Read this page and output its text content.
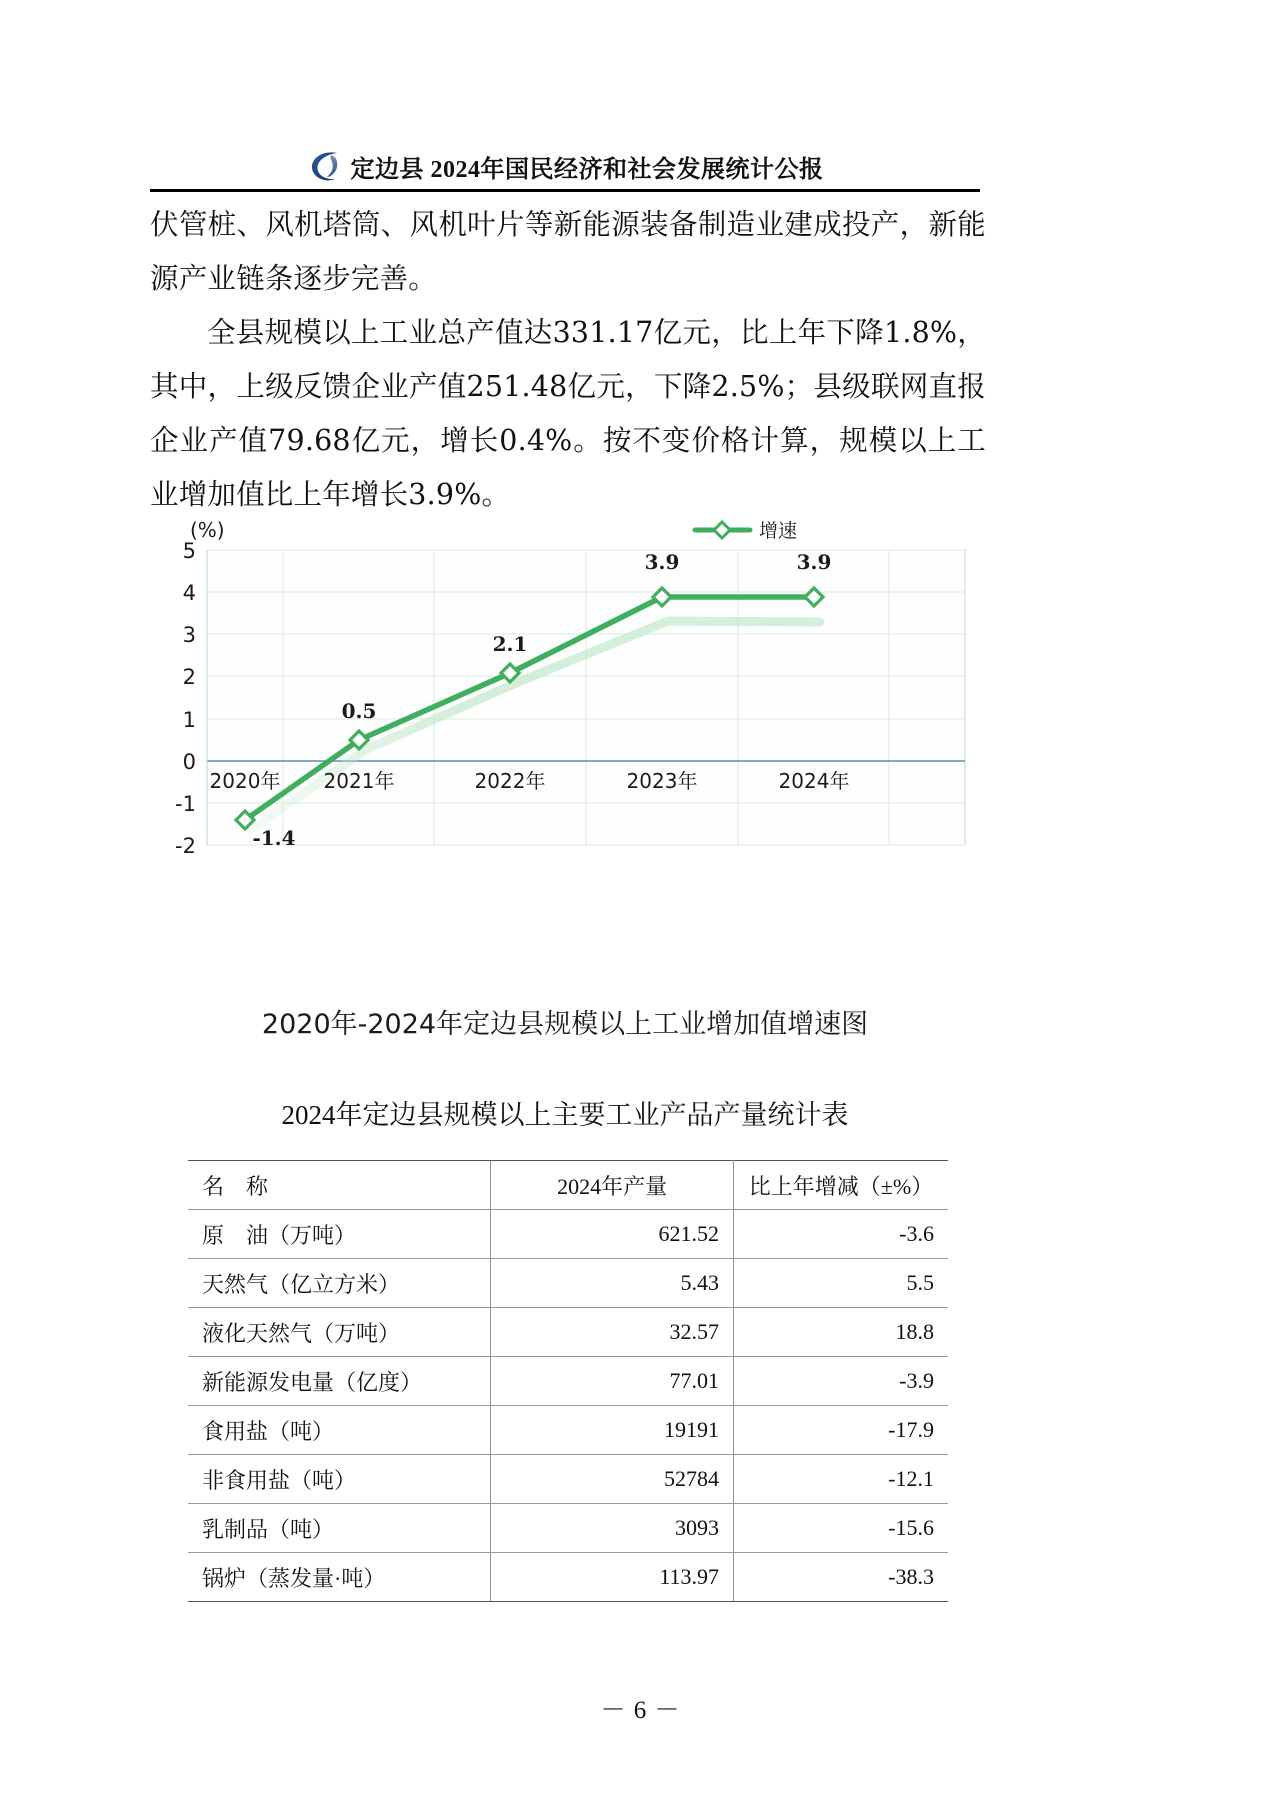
定边县 2024年国民经济和社会发展统计公报

伏管桩、风机塔筒、风机叶片等新能源装备制造业建成投产，新能源产业链条逐步完善。

全县规模以上工业总产值达331.17亿元，比上年下降1.8%，其中，上级反馈企业产值251.48亿元，下降2.5%；县级联网直报企业产值79.68亿元，增长0.4%。按不变价格计算，规模以上工业增加值比上年增长3.9%。

(%)
5
4
3
2
1
0
-1
-2
2020年 2021年	2022年	2023年	2024年
-1.4
0.5
2.1
3.9	3.9
增速
2020年-2024年定边县规模以上工业增加值增速图
2024年定边县规模以上主要工业产品产量统计表
名　称	2024年产量	比上年增减（±%）
原　油（万吨）	621.52	-3.6
天然气（亿立方米）	5.43	5.5
液化天然气（万吨）	32.57	18.8
新能源发电量（亿度）	77.01	-3.9
食用盐（吨）	19191	-17.9
非食用盐（吨）	52784	-12.1
乳制品（吨）	3093	-15.6
锅炉（蒸发量·吨）	113.97	-38.3
－ 6 －
